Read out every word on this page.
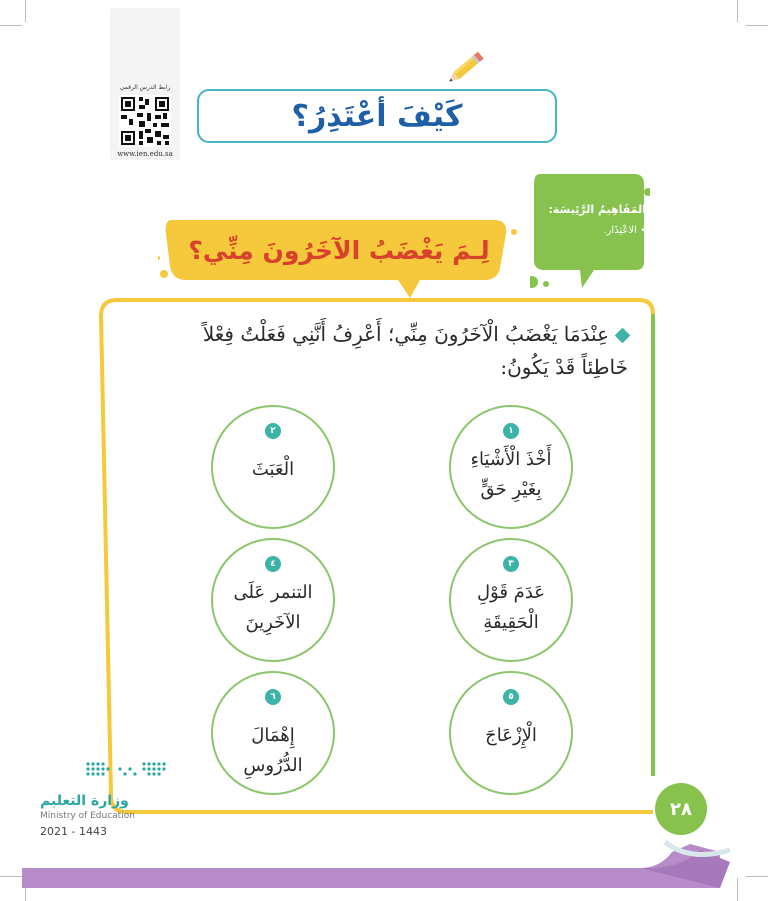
رابط الدرس الرقمي
www.ien.edu.sa
كَيْفَ أعْتَذِرُ؟
المَفَاهِيمُ الرَّئِيسَة:
• الاعْتِذَار.
لِـمَ يَغْضَبُ الآخَرُونَ مِنِّي؟
عِنْدَمَا يَغْضَبُ الْآخَرُونَ مِنِّي؛ أَعْرِفُ أَنَّنِي فَعَلْتُ فِعْلاً خَاطِئاً قَدْ يَكُونُ:
١
أَخْذَ الْأَشْيَاءِ بِغَيْرِ حَقٍّ
٢
الْعَبَثَ
٣
عَدَمَ قَوْلِ الْحَقِيقَةِ
٤
التنمر عَلَى الآخَرِينَ
٥
الْإِزْعَاجَ
٦
إِهْمَالَ الدُّرُوسِ
وزارة التعليم
Ministry of Education
2021 - 1443
٢٨
